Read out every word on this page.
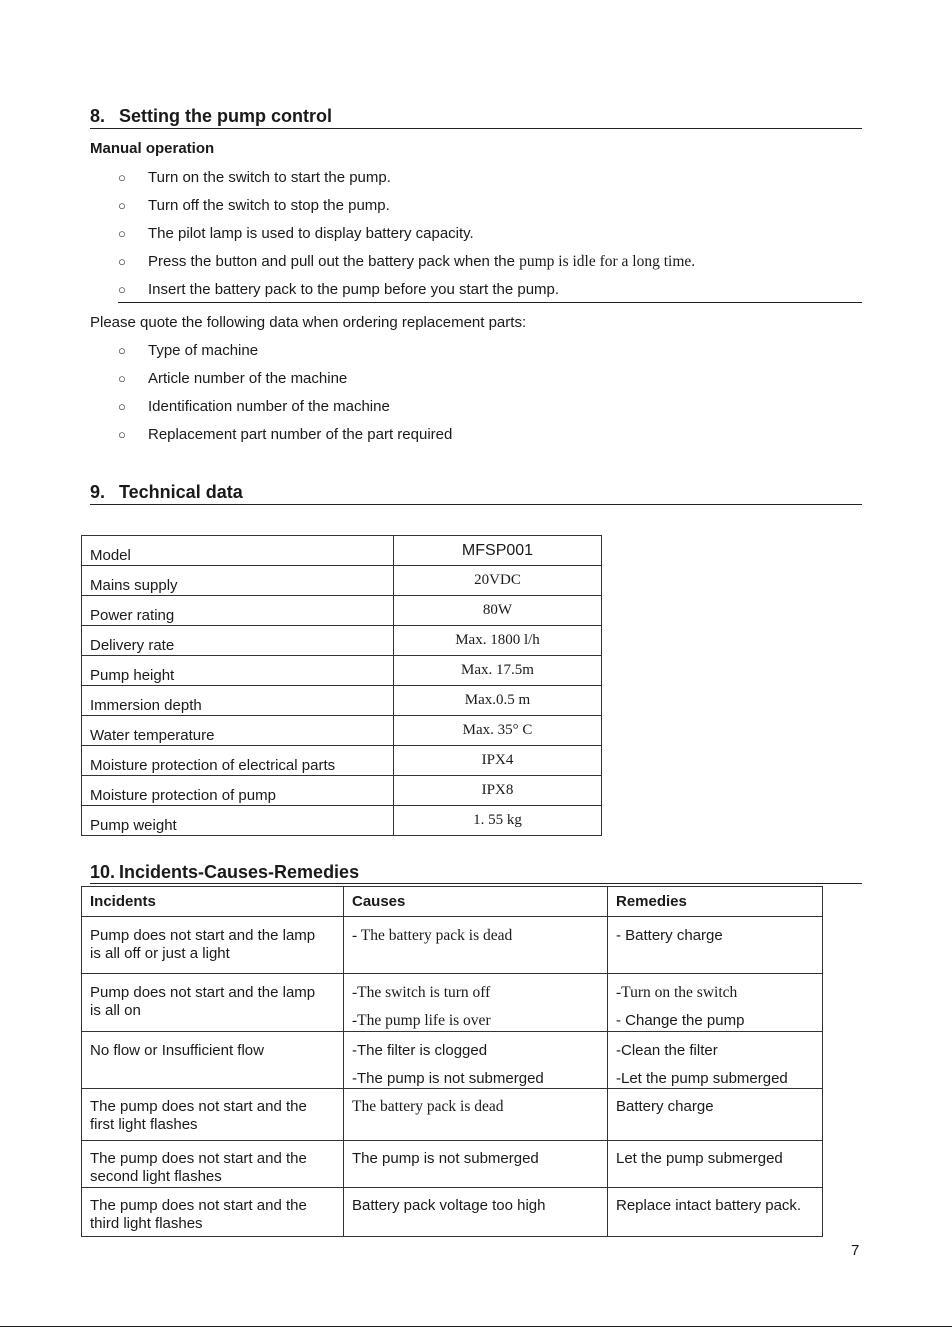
8. Setting the pump control
Manual operation
○ Turn on the switch to start the pump.
○ Turn off the switch to stop the pump.
○ The pilot lamp is used to display battery capacity.
○ Press the button and pull out the battery pack when the pump is idle for a long time.
○ Insert the battery pack to the pump before you start the pump.
Please quote the following data when ordering replacement parts:
○ Type of machine
○ Article number of the machine
○ Identification number of the machine
○ Replacement part number of the part required
9. Technical data
Model	MFSP001
Mains supply	20VDC
Power rating	80W
Delivery rate	Max. 1800 l/h
Pump height	Max. 17.5m
Immersion depth	Max.0.5 m
Water temperature	Max. 35° C
Moisture protection of electrical parts	IPX4
Moisture protection of pump	IPX8
Pump weight	1. 55 kg
10. Incidents-Causes-Remedies
Incidents	Causes	Remedies

Pump does not start and the lamp
is all off or just a light	- The battery pack is dead	- Battery charge

Pump does not start and the lamp
is all on	-The switch is turn off
-The pump life is over	-Turn on the switch
- Change the pump

No flow or Insufficient flow	-The filter is clogged
-The pump is not submerged	-Clean the filter
-Let the pump submerged

The pump does not start and the
first light flashes	The battery pack is dead	Battery charge

The pump does not start and the
second light flashes	The pump is not submerged	Let the pump submerged

The pump does not start and the
third light flashes	Battery pack voltage too high	Replace intact battery pack.
7
